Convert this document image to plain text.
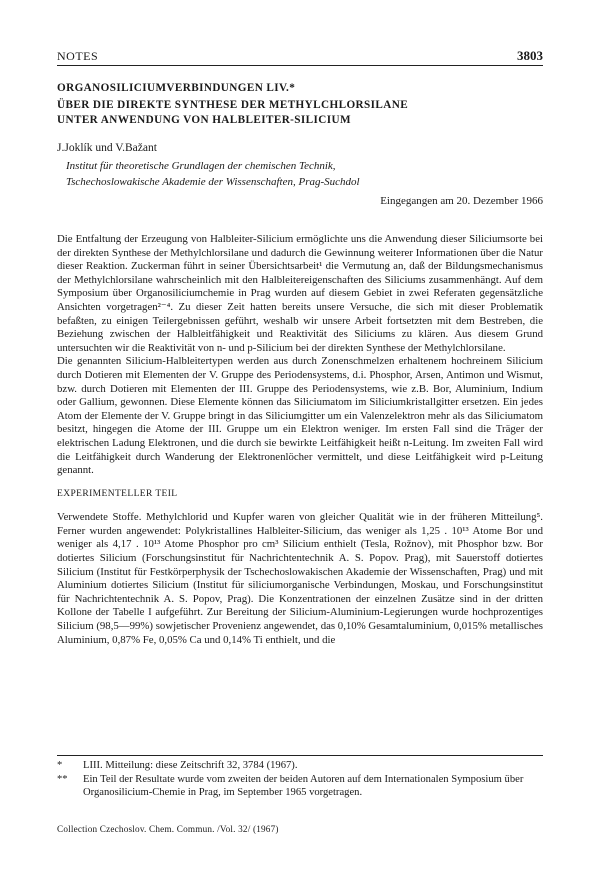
NOTES	3803
ORGANOSILICIUMVERBINDUNGEN LIV.*
ÜBER DIE DIREKTE SYNTHESE DER METHYLCHLORSILANE
UNTER ANWENDUNG VON HALBLEITER-SILICIUM
J.Joklík und V.Bažant
Institut für theoretische Grundlagen der chemischen Technik,
Tschechoslowakische Akademie der Wissenschaften, Prag-Suchdol
Eingegangen am 20. Dezember 1966

Die Entfaltung der Erzeugung von Halbleiter-Silicium ermöglichte uns die Anwendung dieser Siliciumsorte bei der direkten Synthese der Methylchlorsilane und dadurch die Gewinnung weiterer Informationen über die Natur dieser Reaktion. Zuckerman führt in seiner Übersichtsarbeit¹ die Vermutung an, daß der Bildungsmechanismus der Methylchlorsilane wahrscheinlich mit den Halbleitereigenschaften des Siliciums zusammenhängt. Auf dem Symposium über Organosiliciumchemie in Prag wurden auf diesem Gebiet in zwei Referaten gegensätzliche Ansichten vorgetragen²⁻⁴. Zu dieser Zeit hatten bereits unsere Versuche, die sich mit dieser Problematik befaßten, zu einigen Teilergebnissen geführt, weshalb wir unsere Arbeit fortsetzten mit dem Bestreben, die Beziehung zwischen der Halbleitfähigkeit und Reaktivität des Siliciums zu klären. Aus diesem Grund untersuchten wir die Reaktivität von n- und p-Silicium bei der direkten Synthese der Methylchlorsilane.

Die genannten Silicium-Halbleitertypen werden aus durch Zonenschmelzen erhaltenem hochreinem Silicium durch Dotieren mit Elementen der V. Gruppe des Periodensystems, d.i. Phosphor, Arsen, Antimon und Wismut, bzw. durch Dotieren mit Elementen der III. Gruppe des Periodensystems, wie z.B. Bor, Aluminium, Indium oder Gallium, gewonnen. Diese Elemente können das Siliciumatom im Siliciumkristallgitter ersetzen. Ein jedes Atom der Elemente der V. Gruppe bringt in das Siliciumgitter um ein Valenzelektron mehr als das Siliciumatom besitzt, hingegen die Atome der III. Gruppe um ein Elektron weniger. Im ersten Fall sind die Träger der elektrischen Ladung Elektronen, und die durch sie bewirkte Leitfähigkeit heißt n-Leitung. Im zweiten Fall wird die Leitfähigkeit durch Wanderung der Elektronenlöcher vermittelt, und diese Leitfähigkeit wird p-Leitung genannt.

EXPERIMENTELLER TEIL

Verwendete Stoffe. Methylchlorid und Kupfer waren von gleicher Qualität wie in der früheren Mitteilung⁵. Ferner wurden angewendet: Polykristallines Halbleiter-Silicium, das weniger als 1,25 . 10¹³ Atome Bor und weniger als 4,17 . 10¹³ Atome Phosphor pro cm³ Silicium enthielt (Tesla, Rožnov), mit Phosphor bzw. Bor dotiertes Silicium (Forschungsinstitut für Nachrichtentechnik A. S. Popov. Prag), mit Sauerstoff dotiertes Silicium (Institut für Festkörperphysik der Tschechoslowakischen Akademie der Wissenschaften, Prag) und mit Aluminium dotiertes Silicium (Institut für siliciumorganische Verbindungen, Moskau, und Forschungsinstitut für Nachrichtentechnik A. S. Popov, Prag). Die Konzentrationen der einzelnen Zusätze sind in der dritten Kollone der Tabelle I aufgeführt. Zur Bereitung der Silicium-Aluminium-Legierungen wurde hochprozentiges Silicium (98,5—99%) sowjetischer Provenienz angewendet, das 0,10% Gesamtaluminium, 0,015% metallisches Aluminium, 0,87% Fe, 0,05% Ca und 0,14% Ti enthielt, und die

*	LIII. Mitteilung: diese Zeitschrift 32, 3784 (1967).
**	Ein Teil der Resultate wurde vom zweiten der beiden Autoren auf dem Internationalen Symposium über Organosilicium-Chemie in Prag, im September 1965 vorgetragen.
Collection Czechoslov. Chem. Commun. /Vol. 32/ (1967)
